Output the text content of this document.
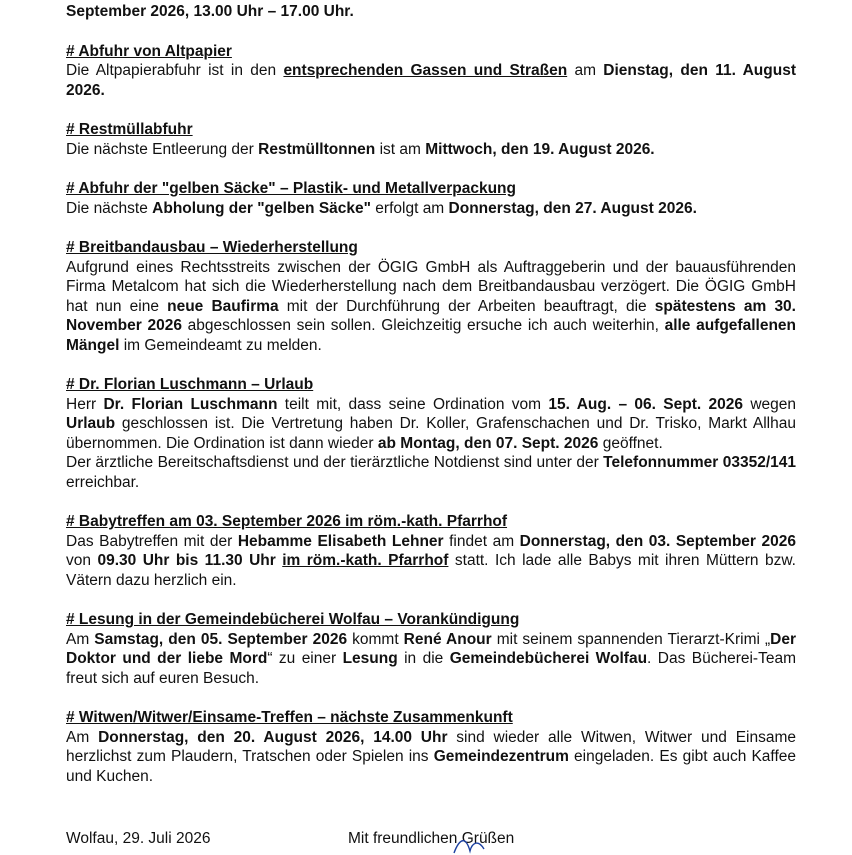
September 2026, 13.00 Uhr – 17.00 Uhr.
# Abfuhr von Altpapier

Die Altpapierabfuhr ist in den entsprechenden Gassen und Straßen am Dienstag, den 11. August 2026.

# Restmüllabfuhr

Die nächste Entleerung der Restmülltonnen ist am Mittwoch, den 19. August 2026.

# Abfuhr der "gelben Säcke" – Plastik- und Metallverpackung

Die nächste Abholung der "gelben Säcke" erfolgt am Donnerstag, den 27. August 2026.

# Breitbandausbau – Wiederherstellung

Aufgrund eines Rechtsstreits zwischen der ÖGIG GmbH als Auftraggeberin und der bauausführenden Firma Metalcom hat sich die Wiederherstellung nach dem Breitbandausbau verzögert. Die ÖGIG GmbH hat nun eine neue Baufirma mit der Durchführung der Arbeiten beauftragt, die spätestens am 30. November 2026 abgeschlossen sein sollen. Gleichzeitig ersuche ich auch weiterhin, alle aufgefallenen Mängel im Gemeindeamt zu melden.

# Dr. Florian Luschmann – Urlaub

Herr Dr. Florian Luschmann teilt mit, dass seine Ordination vom 15. Aug. – 06. Sept. 2026 wegen Urlaub geschlossen ist. Die Vertretung haben Dr. Koller, Grafenschachen und Dr. Trisko, Markt Allhau übernommen. Die Ordination ist dann wieder ab Montag, den 07. Sept. 2026 geöffnet.

Der ärztliche Bereitschaftsdienst und der tierärztliche Notdienst sind unter der Telefonnummer 03352/141 erreichbar.

# Babytreffen am 03. September 2026 im röm.-kath. Pfarrhof

Das Babytreffen mit der Hebamme Elisabeth Lehner findet am Donnerstag, den 03. September 2026 von 09.30 Uhr bis 11.30 Uhr im röm.-kath. Pfarrhof statt. Ich lade alle Babys mit ihren Müttern bzw. Vätern dazu herzlich ein.

# Lesung in der Gemeindebücherei Wolfau – Vorankündigung

Am Samstag, den 05. September 2026 kommt René Anour mit seinem spannenden Tierarzt-Krimi „Der Doktor und der liebe Mord“ zu einer Lesung in die Gemeindebücherei Wolfau. Das Bücherei-Team freut sich auf euren Besuch.

# Witwen/Witwer/Einsame-Treffen – nächste Zusammenkunft

Am Donnerstag, den 20. August 2026, 14.00 Uhr sind wieder alle Witwen, Witwer und Einsame herzlichst zum Plaudern, Tratschen oder Spielen ins Gemeindezentrum eingeladen. Es gibt auch Kaffee und Kuchen.

Wolfau, 29. Juli 2026	Mit freundlichen Grüßen
